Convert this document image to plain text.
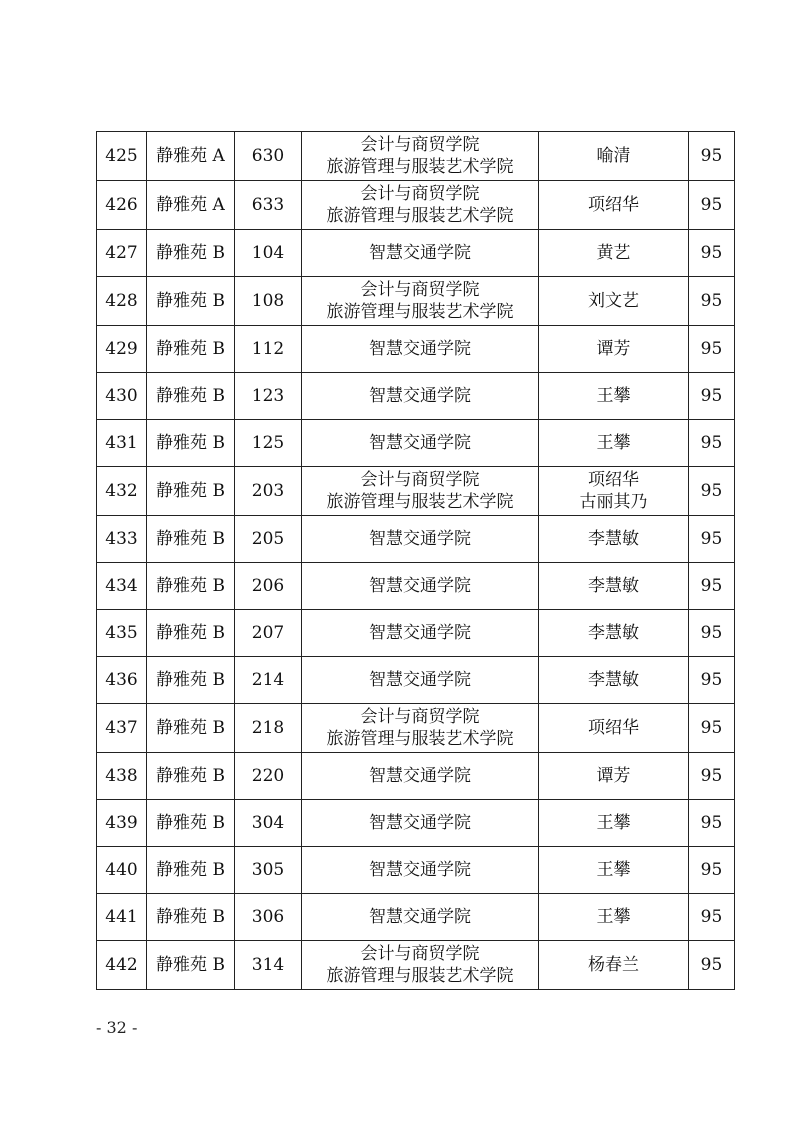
425	静雅苑 A	630	会计与商贸学院
旅游管理与服装艺术学院	喻清	95
426	静雅苑 A	633	会计与商贸学院
旅游管理与服装艺术学院	项绍华	95
427	静雅苑 B	104	智慧交通学院	黄艺	95
428	静雅苑 B	108	会计与商贸学院
旅游管理与服装艺术学院	刘文艺	95
429	静雅苑 B	112	智慧交通学院	谭芳	95
430	静雅苑 B	123	智慧交通学院	王攀	95
431	静雅苑 B	125	智慧交通学院	王攀	95
432	静雅苑 B	203	会计与商贸学院
旅游管理与服装艺术学院	项绍华
古丽其乃	95
433	静雅苑 B	205	智慧交通学院	李慧敏	95
434	静雅苑 B	206	智慧交通学院	李慧敏	95
435	静雅苑 B	207	智慧交通学院	李慧敏	95
436	静雅苑 B	214	智慧交通学院	李慧敏	95
437	静雅苑 B	218	会计与商贸学院
旅游管理与服装艺术学院	项绍华	95
438	静雅苑 B	220	智慧交通学院	谭芳	95
439	静雅苑 B	304	智慧交通学院	王攀	95
440	静雅苑 B	305	智慧交通学院	王攀	95
441	静雅苑 B	306	智慧交通学院	王攀	95
442	静雅苑 B	314	会计与商贸学院
旅游管理与服装艺术学院	杨春兰	95
- 32 -
